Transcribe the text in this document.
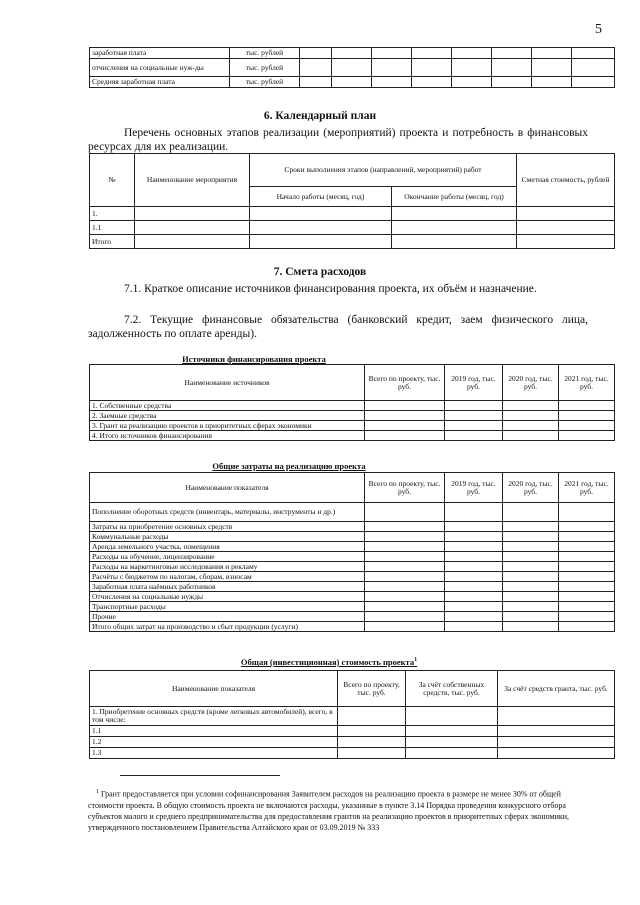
5
заработная плата	тыс. рублей								
отчисления на социальные нуж-ды	тыс. рублей								
Средняя заработная плата	тыс. рублей								
6. Календарный план
Перечень основных этапов реализации (мероприятий) проекта и потребность в финансовых ресурсах для их реализации.
№	Наименование мероприятия	Сроки выполнения этапов (направлений, мероприятий) работ		Сметная стоимость, рублей
		Начало работы (месяц, год)	Окончание работы (месяц, год)	
1.				
1.1				
Итого				
7. Смета расходов
7.1. Краткое описание источников финансирования проекта, их объём и назначение.
7.2. Текущие финансовые обязательства (банковский кредит, заем физического лица, задолженность по оплате аренды).
Источники финансирования проекта
Наименование источников	Всего по проекту, тыс. руб.	2019 год, тыс. руб.	2020 год, тыс. руб.	2021 год, тыс. руб.
1. Собственные средства				
2. Заемные средства				
3. Грант на реализацию проектов в приоритетных сферах экономики				
4. Итого источников финансирования				
Общие затраты на реализацию проекта
Наименование показателя	Всего по проекту, тыс. руб.	2019 год, тыс. руб.	2020 год, тыс. руб.	2021 год, тыс. руб.
Пополнение оборотных средств (инвентарь, материалы, инструменты и др.)				
Затраты на приобретение основных средств				
Коммунальные расходы				
Аренда земельного участка, помещения				
Расходы на обучение, лицензирование				
Расходы на маркетинговые исследования и рекламу				
Расчёты с бюджетом по налогам, сборам, взносам				
Заработная плата наёмных работников				
Отчисления на социальные нужды				
Транспортные расходы				
Прочие				
Итого общих затрат на производство и сбыт продукции (услуги)				
Общая (инвестиционная) стоимость проекта$^1$
Наименование показателя	Всего по проекту, тыс. руб.	За счёт собственных средств, тыс. руб.	За счёт средств гранта, тыс. руб.
1. Приобретение основных средств (кроме легковых автомобилей), всего, в том числе:			
1.1			
1.2			
1.3			
$^1$ Грант предоставляется при условии софинансирования Заявителем расходов на реализацию проекта в размере не менее 30% от общей стоимости проекта. В общую стоимость проекта не включаются расходы, указанные в пункте 3.14 Порядка проведения конкурсного отбора субъектов малого и среднего предпринимательства для предоставления грантов на реализацию проектов в приоритетных сферах экономики, утвержденного постановлением Правительства Алтайского края от 03.09.2019 № 333
